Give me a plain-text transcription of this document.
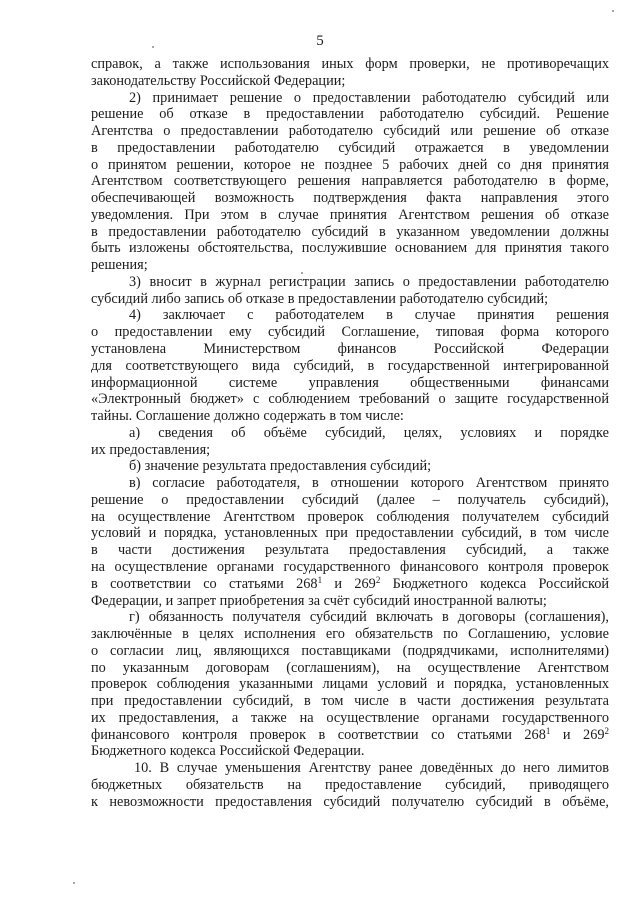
5
справок, а также использования иных форм проверки, не противоречащих
законодательству Российской Федерации;
2) принимает решение о предоставлении работодателю субсидий или
решение об отказе в предоставлении работодателю субсидий. Решение
Агентства о предоставлении работодателю субсидий или решение об отказе
в предоставлении работодателю субсидий отражается в уведомлении
о принятом решении, которое не позднее 5 рабочих дней со дня принятия
Агентством соответствующего решения направляется работодателю в форме,
обеспечивающей возможность подтверждения факта направления этого
уведомления. При этом в случае принятия Агентством решения об отказе
в предоставлении работодателю субсидий в указанном уведомлении должны
быть изложены обстоятельства, послужившие основанием для принятия такого
решения;
3) вносит в журнал регистрации запись о предоставлении работодателю
субсидий либо запись об отказе в предоставлении работодателю субсидий;
4) заключает с работодателем в случае принятия решения
о предоставлении ему субсидий Соглашение, типовая форма которого
установлена Министерством финансов Российской Федерации
для соответствующего вида субсидий, в государственной интегрированной
информационной системе управления общественными финансами
«Электронный бюджет» с соблюдением требований о защите государственной
тайны. Соглашение должно содержать в том числе:
а) сведения об объёме субсидий, целях, условиях и порядке
их предоставления;
б) значение результата предоставления субсидий;
в) согласие работодателя, в отношении которого Агентством принято
решение о предоставлении субсидий (далее – получатель субсидий),
на осуществление Агентством проверок соблюдения получателем субсидий
условий и порядка, установленных при предоставлении субсидий, в том числе
в части достижения результата предоставления субсидий, а также
на осуществление органами государственного финансового контроля проверок
в соответствии со статьями $268^1$ и $269^2$ Бюджетного кодекса Российской
Федерации, и запрет приобретения за счёт субсидий иностранной валюты;
г) обязанность получателя субсидий включать в договоры (соглашения),
заключённые в целях исполнения его обязательств по Соглашению, условие
о согласии лиц, являющихся поставщиками (подрядчиками, исполнителями)
по указанным договорам (соглашениям), на осуществление Агентством
проверок соблюдения указанными лицами условий и порядка, установленных
при предоставлении субсидий, в том числе в части достижения результата
их предоставления, а также на осуществление органами государственного
финансового контроля проверок в соответствии со статьями $268^1$ и $269^2$
Бюджетного кодекса Российской Федерации.
10. В случае уменьшения Агентству ранее доведённых до него лимитов
бюджетных обязательств на предоставление субсидий, приводящего
к невозможности предоставления субсидий получателю субсидий в объёме,
